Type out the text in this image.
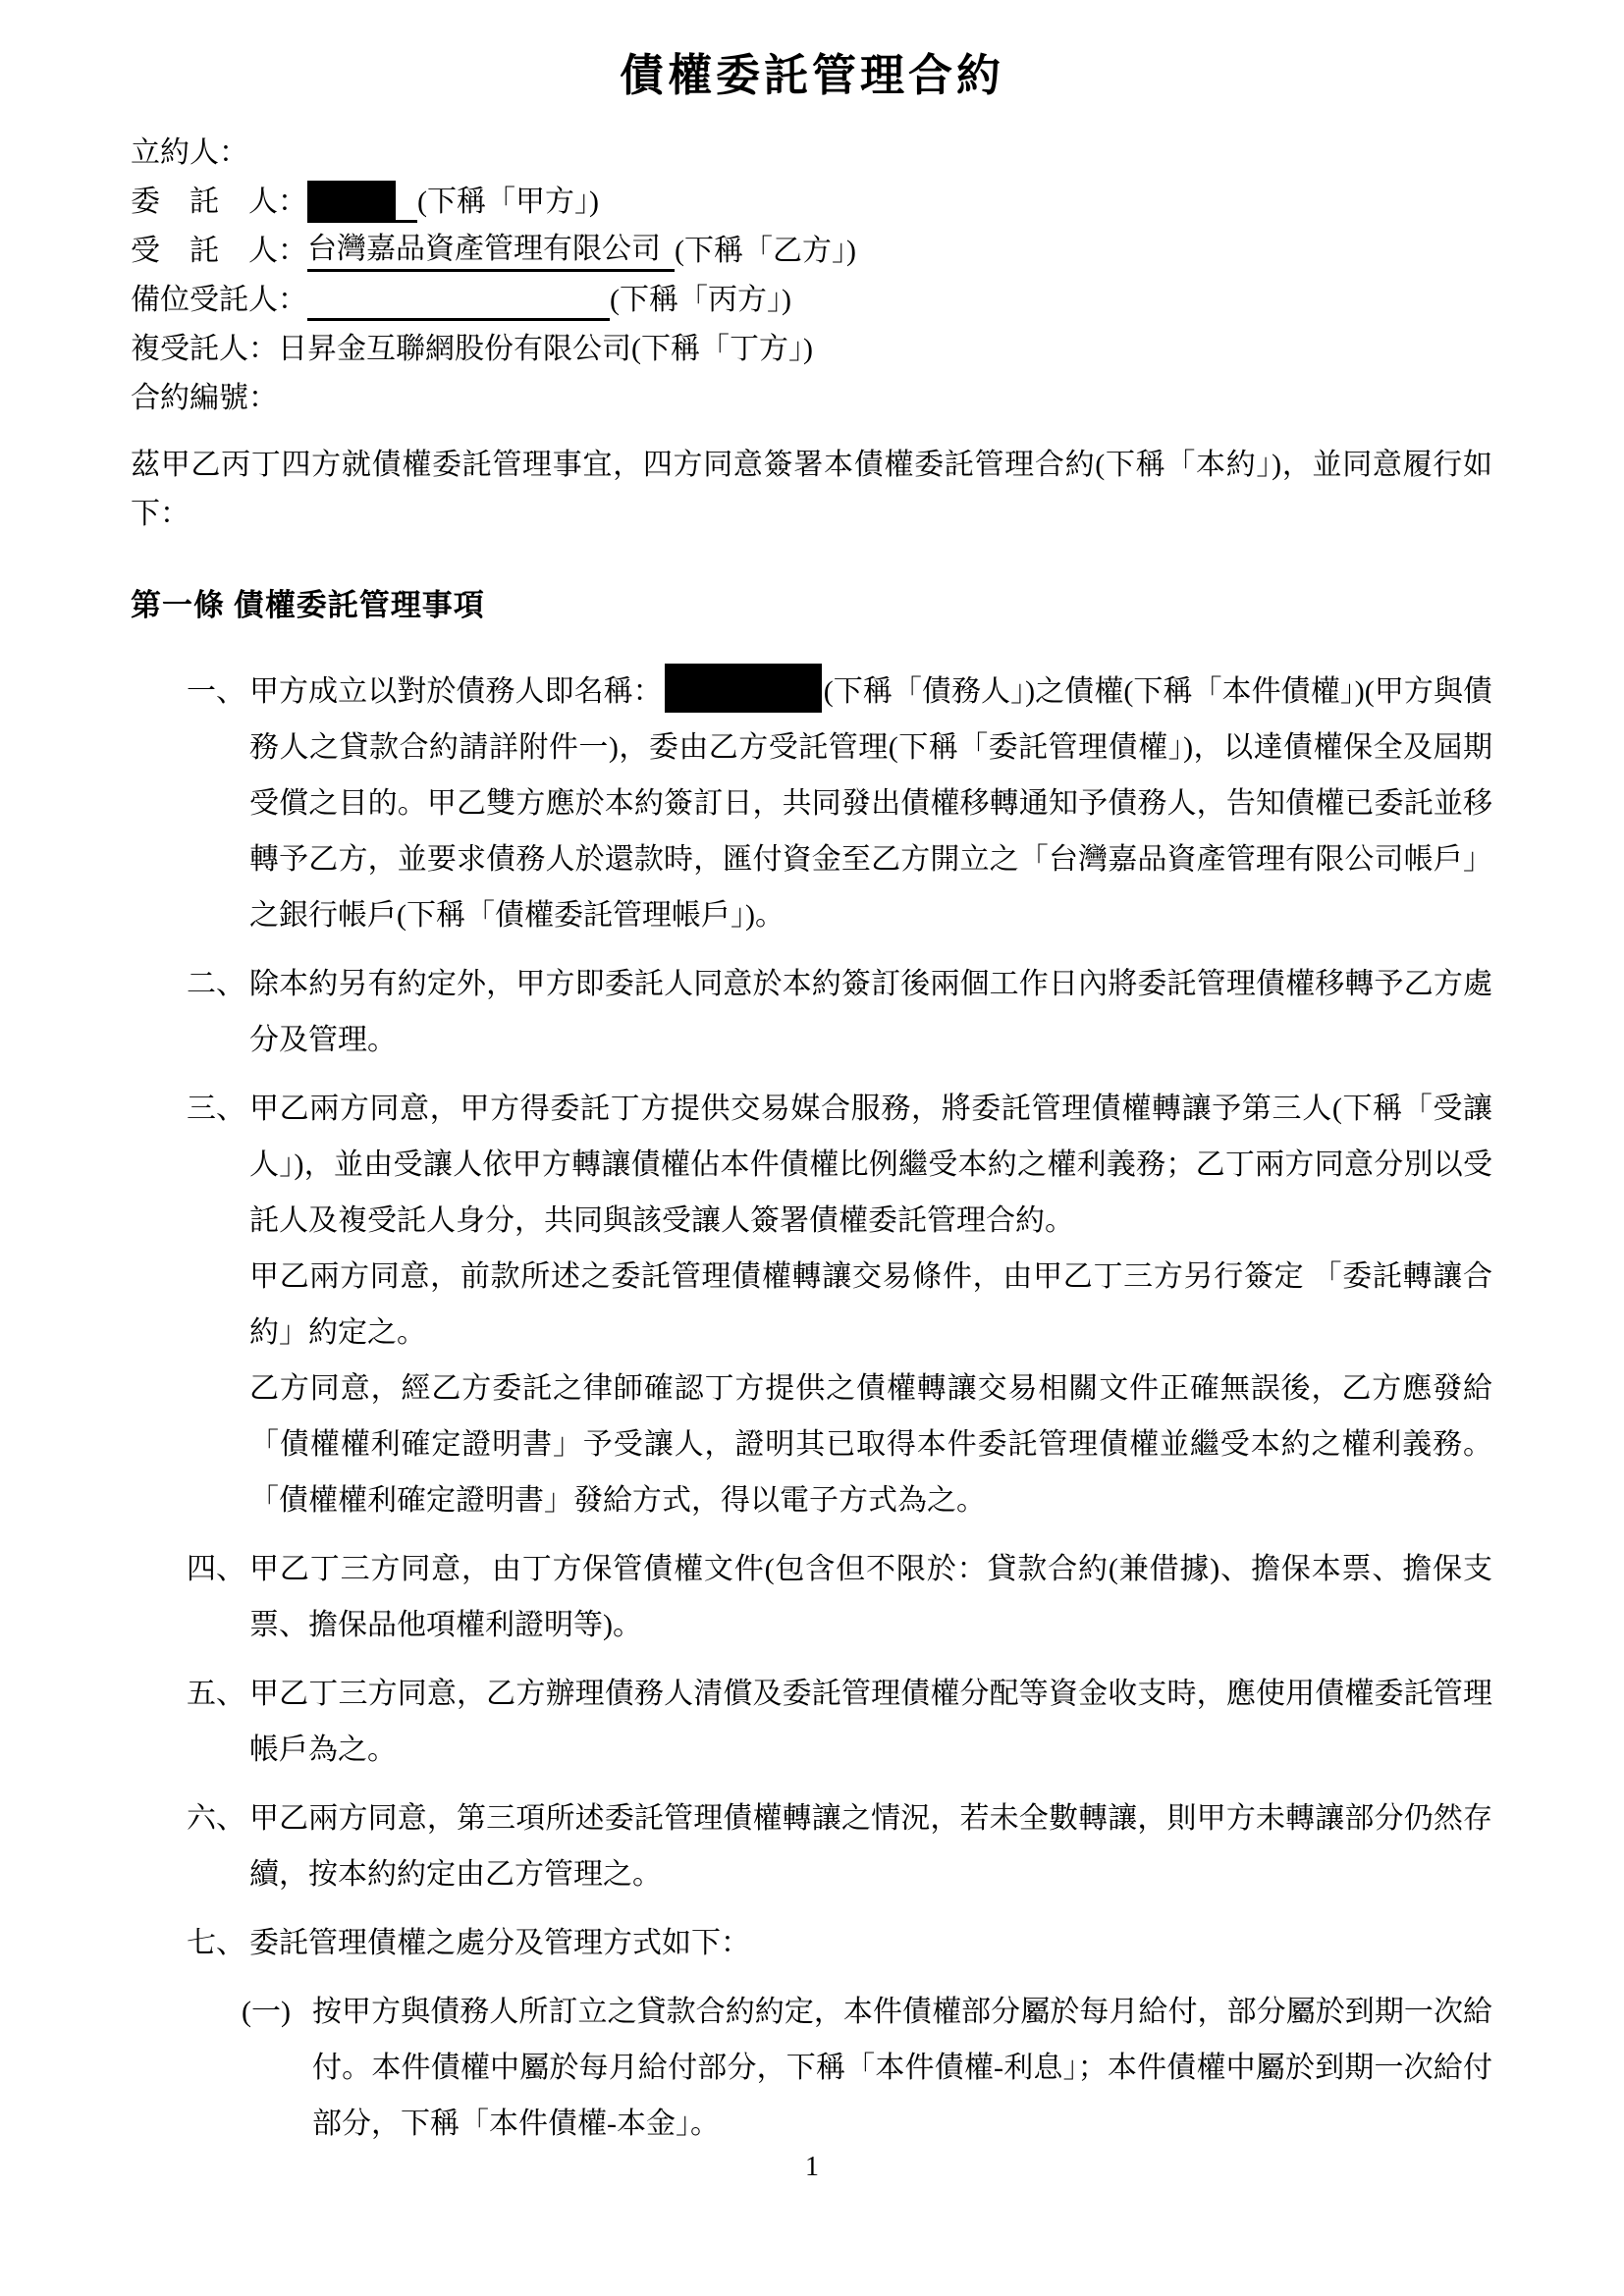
債權委託管理合約
立約人：
委　託　人：	(下稱「甲方」)
受　託　人：台灣嘉品資產管理有限公司 (下稱「乙方」)
備位受託人：	(下稱「丙方」)
複受託人：日昇金互聯網股份有限公司(下稱「丁方」)
合約編號：
茲甲乙丙丁四方就債權委託管理事宜，四方同意簽署本債權委託管理合約(下稱「本約」)，並同意履行如下：
第一條 債權委託管理事項
一、 甲方成立以對於債務人即名稱：	(下稱「債務人」)之債權(下稱「本件債權」)(甲方與債務人之貸款合約請詳附件一)，委由乙方受託管理(下稱「委託管理債權」)，以達債權保全及屆期受償之目的。甲乙雙方應於本約簽訂日，共同發出債權移轉通知予債務人，告知債權已委託並移轉予乙方，並要求債務人於還款時，匯付資金至乙方開立之「台灣嘉品資產管理有限公司帳戶」之銀行帳戶(下稱「債權委託管理帳戶」)。
二、 除本約另有約定外，甲方即委託人同意於本約簽訂後兩個工作日內將委託管理債權移轉予乙方處分及管理。
三、 甲乙兩方同意，甲方得委託丁方提供交易媒合服務，將委託管理債權轉讓予第三人(下稱「受讓人」)，並由受讓人依甲方轉讓債權佔本件債權比例繼受本約之權利義務；乙丁兩方同意分別以受託人及複受託人身分，共同與該受讓人簽署債權委託管理合約。

甲乙兩方同意，前款所述之委託管理債權轉讓交易條件，由甲乙丁三方另行簽定 「委託轉讓合約」約定之。

乙方同意，經乙方委託之律師確認丁方提供之債權轉讓交易相關文件正確無誤後，乙方應發給「債權權利確定證明書」予受讓人，證明其已取得本件委託管理債權並繼受本約之權利義務。「債權權利確定證明書」發給方式，得以電子方式為之。

四、 甲乙丁三方同意，由丁方保管債權文件(包含但不限於：貸款合約(兼借據)、擔保本票、擔保支票、擔保品他項權利證明等)。
五、 甲乙丁三方同意，乙方辦理債務人清償及委託管理債權分配等資金收支時，應使用債權委託管理帳戶為之。
六、 甲乙兩方同意，第三項所述委託管理債權轉讓之情況，若未全數轉讓，則甲方未轉讓部分仍然存續，按本約約定由乙方管理之。
七、 委託管理債權之處分及管理方式如下：
(一) 按甲方與債務人所訂立之貸款合約約定，本件債權部分屬於每月給付，部分屬於到期一次給付。本件債權中屬於每月給付部分，下稱「本件債權-利息」；本件債權中屬於到期一次給付部分，下稱「本件債權-本金」。
1
